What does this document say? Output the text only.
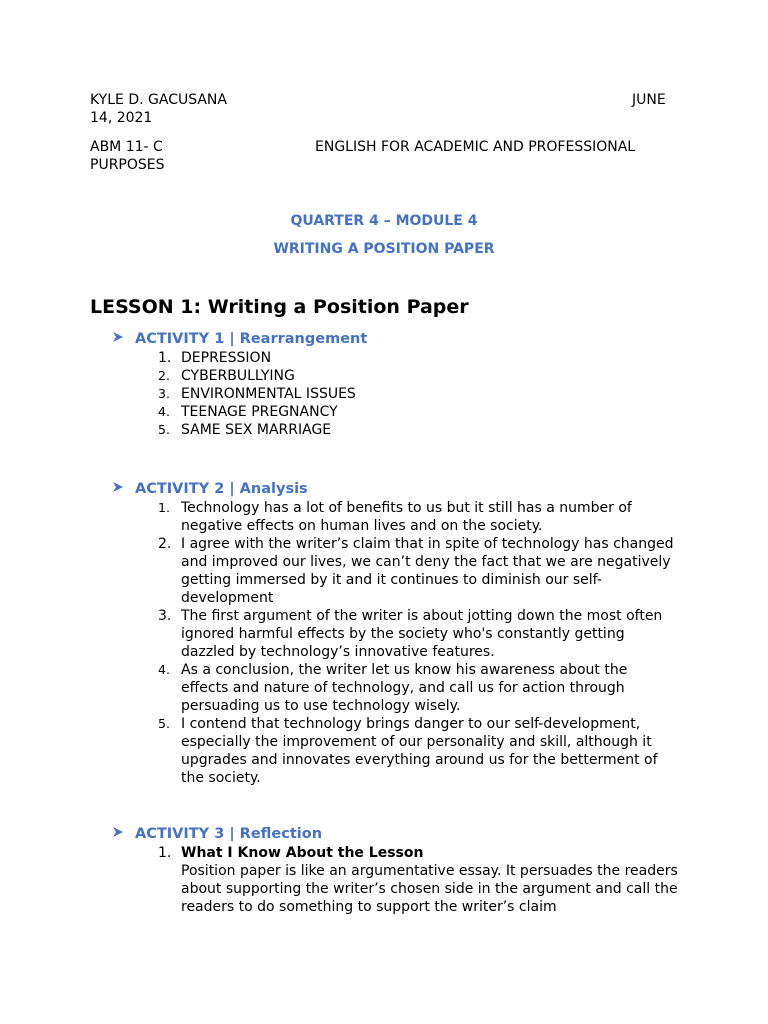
KYLE D. GACUSANA	JUNE
14, 2021
ABM 11- C	ENGLISH FOR ACADEMIC AND PROFESSIONAL
PURPOSES
QUARTER 4 – MODULE 4
WRITING A POSITION PAPER
LESSON 1: Writing a Position Paper
ACTIVITY 1 | Rearrangement
1. DEPRESSION
2. CYBERBULLYING
3. ENVIRONMENTAL ISSUES
4. TEENAGE PREGNANCY
5. SAME SEX MARRIAGE
ACTIVITY 2 | Analysis
1. Technology has a lot of benefits to us but it still has a number of negative effects on human lives and on the society.
2. I agree with the writer’s claim that in spite of technology has changed and improved our lives, we can’t deny the fact that we are negatively getting immersed by it and it continues to diminish our self-development
3. The first argument of the writer is about jotting down the most often ignored harmful effects by the society who's constantly getting dazzled by technology’s innovative features.
4. As a conclusion, the writer let us know his awareness about the effects and nature of technology, and call us for action through persuading us to use technology wisely.
5. I contend that technology brings danger to our self-development, especially the improvement of our personality and skill, although it upgrades and innovates everything around us for the betterment of the society.
ACTIVITY 3 | Reflection
1. What I Know About the Lesson
Position paper is like an argumentative essay. It persuades the readers about supporting the writer’s chosen side in the argument and call the readers to do something to support the writer’s claim
